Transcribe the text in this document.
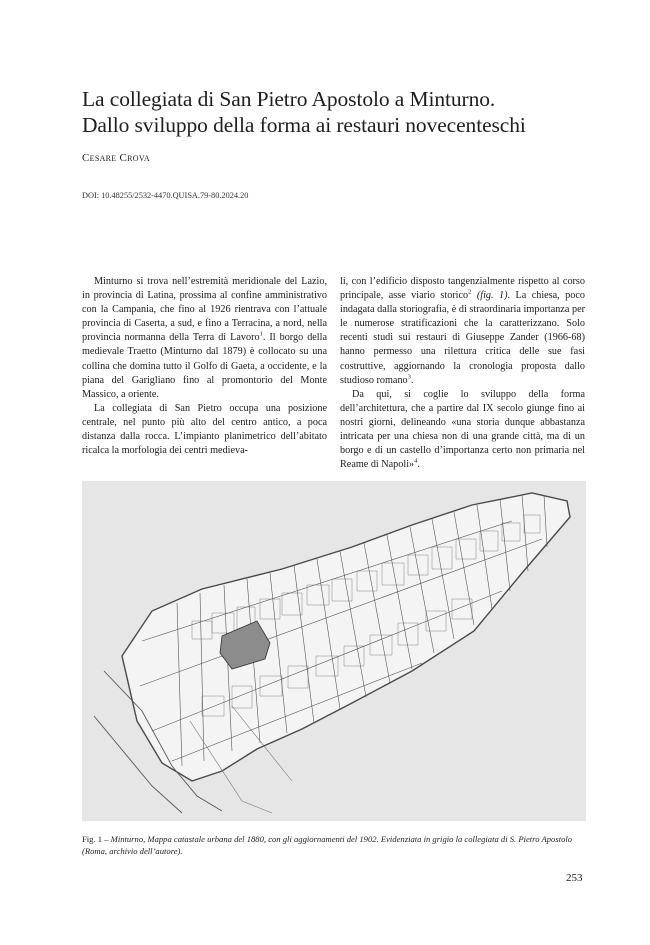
La collegiata di San Pietro Apostolo a Minturno.
Dallo sviluppo della forma ai restauri novecenteschi
Cesare Crova
DOI: 10.48255/2532-4470.QUISA.79-80.2024.20

Minturno si trova nell’estremità meridionale del Lazio, in provincia di Latina, prossima al confine amministrativo con la Campania, che fino al 1926 rientrava con l’attuale provincia di Caserta, a sud, e fino a Terracina, a nord, nella provincia normanna della Terra di Lavoro$^1$. Il borgo della medievale Traetto (Minturno dal 1879) è collocato su una collina che domina tutto il Golfo di Gaeta, a occidente, e la piana del Garigliano fino al promontorio del Monte Massico, a oriente.

La collegiata di San Pietro occupa una posizione centrale, nel punto più alto del centro antico, a poca distanza dalla rocca. L’impianto planimetrico dell’abitato ricalca la morfologia dei centri medieva-

li, con l’edificio disposto tangenzialmente rispetto al corso principale, asse viario storico$^2$ (fig. 1). La chiesa, poco indagata dalla storiografia, è di straordinaria importanza per le numerose stratificazioni che la caratterizzano. Solo recenti studi sui restauri di Giuseppe Zander (1966-68) hanno permesso una rilettura critica delle sue fasi costruttive, aggiornando la cronologia proposta dallo studioso romano$^3$.

Da qui, si coglie lo sviluppo della forma dell’architettura, che a partire dal IX secolo giunge fino ai nostri giorni, delineando «una storia dunque abbastanza intricata per una chiesa non di una grande città, ma di un borgo e di un castello d’importanza certo non primaria nel Reame di Napoli»$^4$.

Fig. 1 – Minturno, Mappa catastale urbana del 1880, con gli aggiornamenti del 1902. Evidenziata in grigio la collegiata di S. Pietro Apostolo (Roma, archivio dell’autore).
253
